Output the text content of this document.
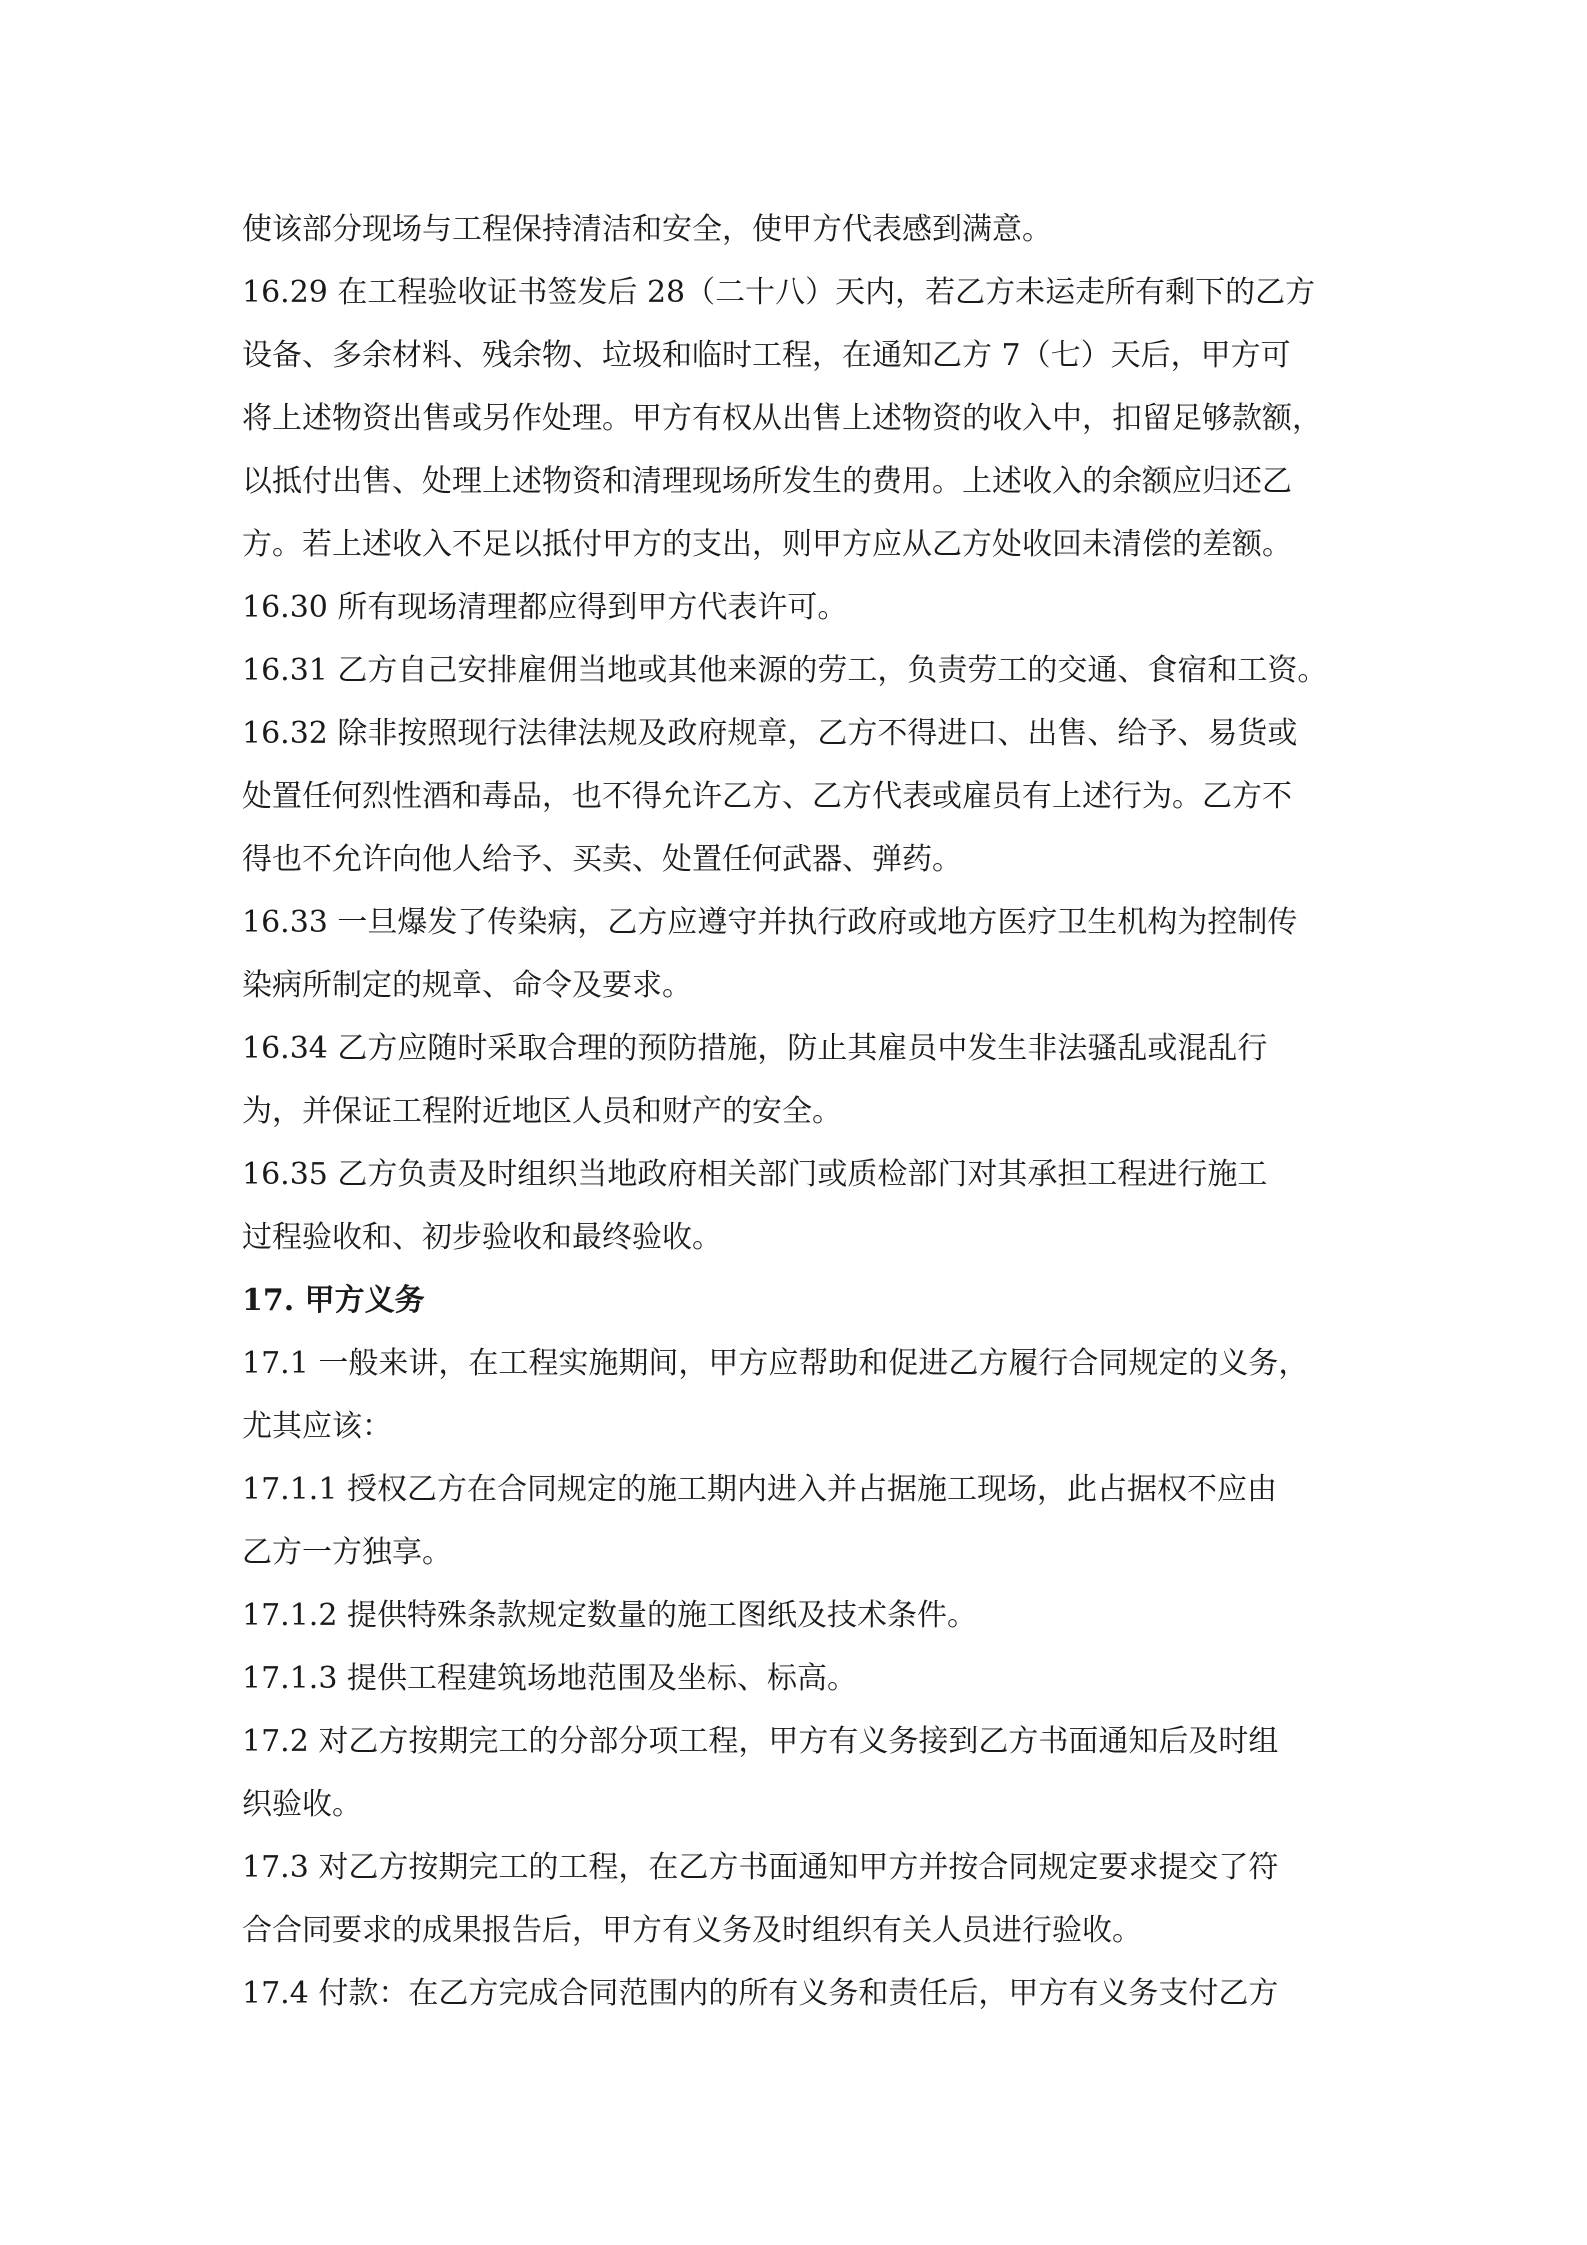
使该部分现场与工程保持清洁和安全，使甲方代表感到满意。
16.29 在工程验收证书签发后 28（二十八）天内，若乙方未运走所有剩下的乙方
设备、多余材料、残余物、垃圾和临时工程，在通知乙方 7（七）天后，甲方可
将上述物资出售或另作处理。甲方有权从出售上述物资的收入中，扣留足够款额，
以抵付出售、处理上述物资和清理现场所发生的费用。上述收入的余额应归还乙
方。若上述收入不足以抵付甲方的支出，则甲方应从乙方处收回未清偿的差额。
16.30 所有现场清理都应得到甲方代表许可。
16.31 乙方自己安排雇佣当地或其他来源的劳工，负责劳工的交通、食宿和工资。
16.32 除非按照现行法律法规及政府规章，乙方不得进口、出售、给予、易货或
处置任何烈性酒和毒品，也不得允许乙方、乙方代表或雇员有上述行为。乙方不
得也不允许向他人给予、买卖、处置任何武器、弹药。
16.33 一旦爆发了传染病，乙方应遵守并执行政府或地方医疗卫生机构为控制传
染病所制定的规章、命令及要求。
16.34 乙方应随时采取合理的预防措施，防止其雇员中发生非法骚乱或混乱行
为，并保证工程附近地区人员和财产的安全。
16.35 乙方负责及时组织当地政府相关部门或质检部门对其承担工程进行施工
过程验收和、初步验收和最终验收。
17. 甲方义务
17.1 一般来讲，在工程实施期间，甲方应帮助和促进乙方履行合同规定的义务，
尤其应该：
17.1.1 授权乙方在合同规定的施工期内进入并占据施工现场，此占据权不应由
乙方一方独享。
17.1.2 提供特殊条款规定数量的施工图纸及技术条件。
17.1.3 提供工程建筑场地范围及坐标、标高。
17.2 对乙方按期完工的分部分项工程，甲方有义务接到乙方书面通知后及时组
织验收。
17.3 对乙方按期完工的工程，在乙方书面通知甲方并按合同规定要求提交了符
合合同要求的成果报告后，甲方有义务及时组织有关人员进行验收。
17.4 付款：在乙方完成合同范围内的所有义务和责任后，甲方有义务支付乙方
